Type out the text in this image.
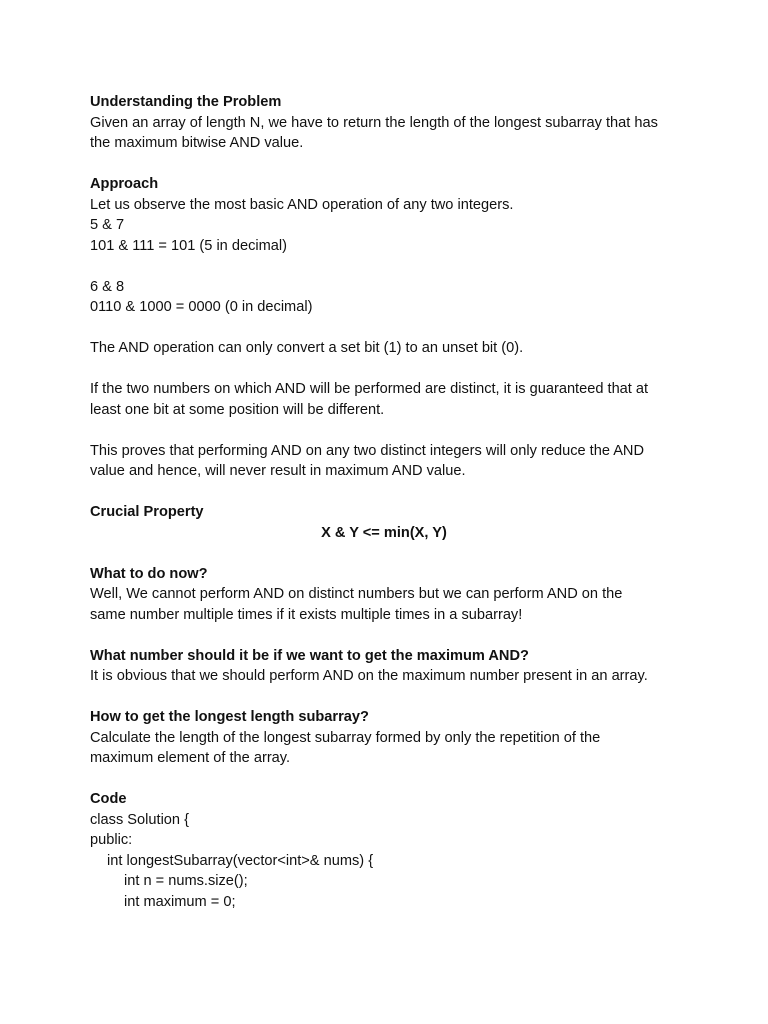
Understanding the Problem
Given an array of length N, we have to return the length of the longest subarray that has
the maximum bitwise AND value.
Approach
Let us observe the most basic AND operation of any two integers.
5 & 7
101 & 111 = 101 (5 in decimal)
6 & 8
0110 & 1000 = 0000 (0 in decimal)
The AND operation can only convert a set bit (1) to an unset bit (0).
If the two numbers on which AND will be performed are distinct, it is guaranteed that at
least one bit at some position will be different.
This proves that performing AND on any two distinct integers will only reduce the AND
value and hence, will never result in maximum AND value.
Crucial Property
X & Y <= min(X, Y)
What to do now?
Well, We cannot perform AND on distinct numbers but we can perform AND on the
same number multiple times if it exists multiple times in a subarray!
What number should it be if we want to get the maximum AND?
It is obvious that we should perform AND on the maximum number present in an array.
How to get the longest length subarray?
Calculate the length of the longest subarray formed by only the repetition of the
maximum element of the array.
Code
class Solution {
public:
int longestSubarray(vector<int>& nums) {
int n = nums.size();
int maximum = 0;
